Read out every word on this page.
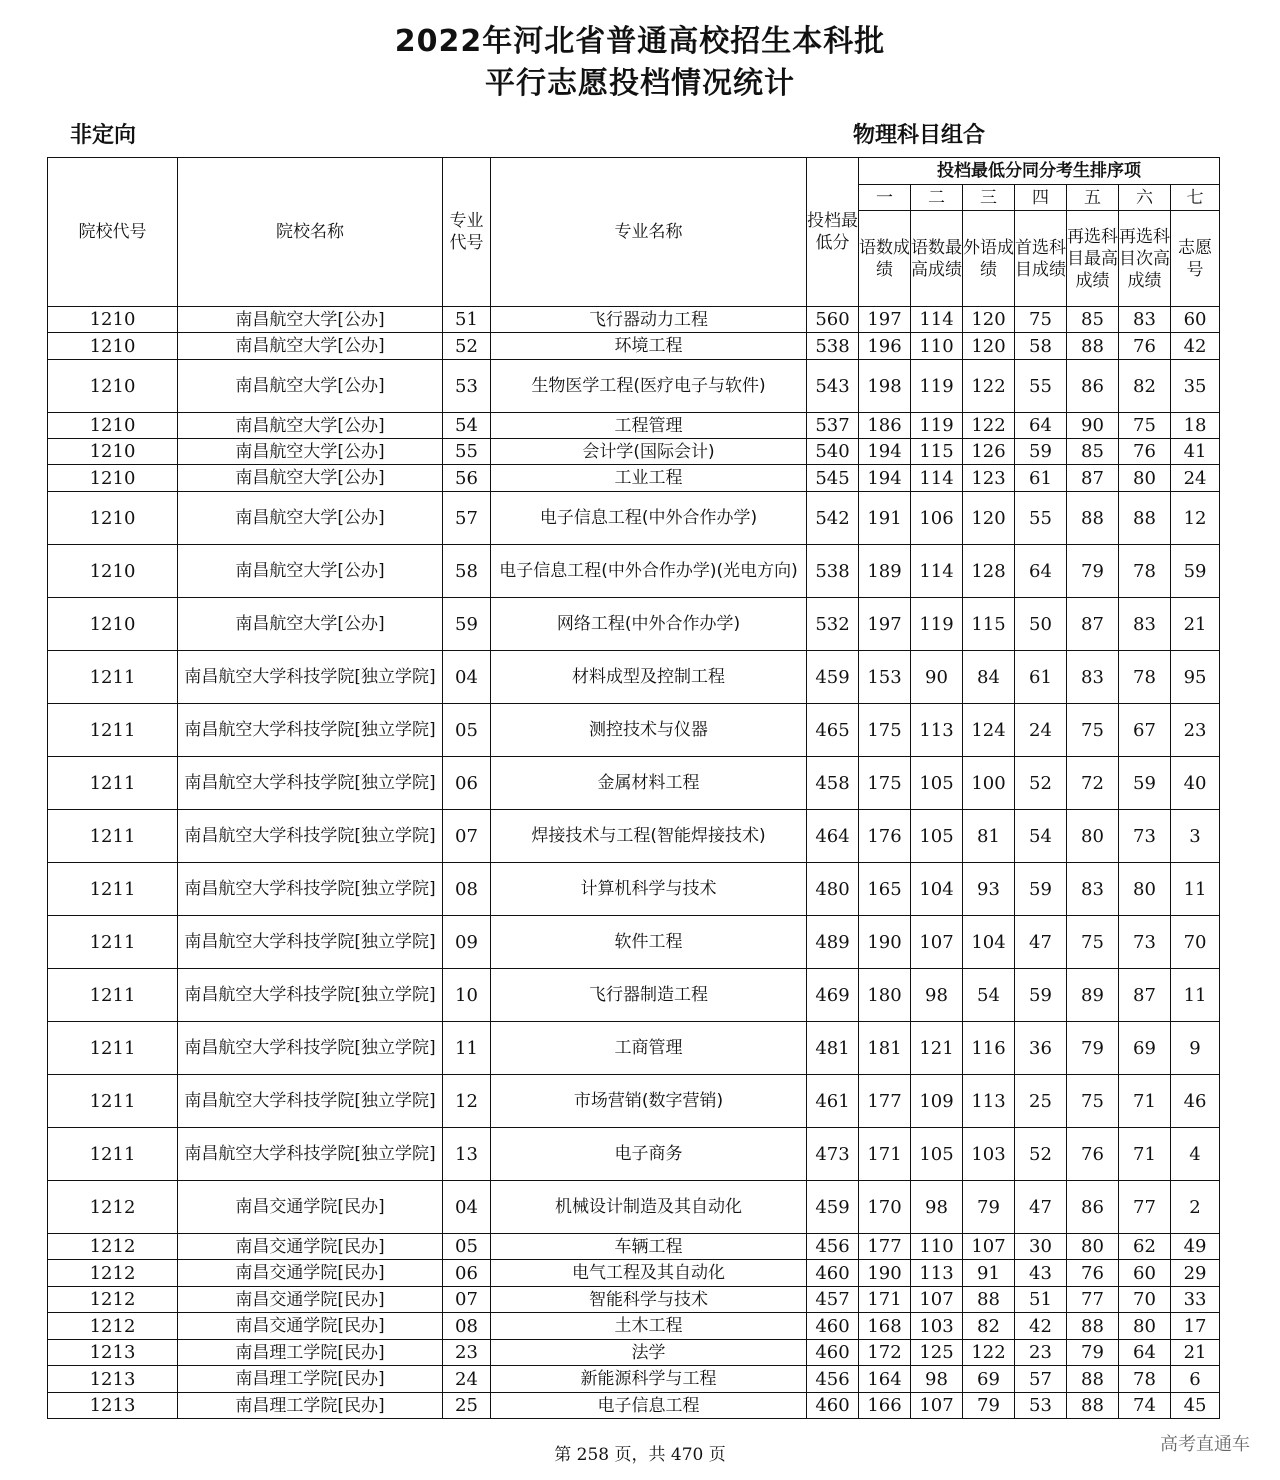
2022年河北省普通高校招生本科批
平行志愿投档情况统计
非定向	物理科目组合
院校代号	院校名称	专业代号	专业名称	投档最低分	投档最低分同分考生排序项						
					一	二	三	四	五	六	七
					语数成绩	语数最高成绩	外语成绩	首选科目成绩	再选科目最高成绩	再选科目次高成绩	志愿号
1210	南昌航空大学[公办]	51	飞行器动力工程	560	197	114	120	75	85	83	60
1210	南昌航空大学[公办]	52	环境工程	538	196	110	120	58	88	76	42
1210	南昌航空大学[公办]	53	生物医学工程(医疗电子与软件)	543	198	119	122	55	86	82	35
1210	南昌航空大学[公办]	54	工程管理	537	186	119	122	64	90	75	18
1210	南昌航空大学[公办]	55	会计学(国际会计)	540	194	115	126	59	85	76	41
1210	南昌航空大学[公办]	56	工业工程	545	194	114	123	61	87	80	24
1210	南昌航空大学[公办]	57	电子信息工程(中外合作办学)	542	191	106	120	55	88	88	12
1210	南昌航空大学[公办]	58	电子信息工程(中外合作办学)(光电方向)	538	189	114	128	64	79	78	59
1210	南昌航空大学[公办]	59	网络工程(中外合作办学)	532	197	119	115	50	87	83	21
1211	南昌航空大学科技学院[独立学院]	04	材料成型及控制工程	459	153	90	84	61	83	78	95
1211	南昌航空大学科技学院[独立学院]	05	测控技术与仪器	465	175	113	124	24	75	67	23
1211	南昌航空大学科技学院[独立学院]	06	金属材料工程	458	175	105	100	52	72	59	40
1211	南昌航空大学科技学院[独立学院]	07	焊接技术与工程(智能焊接技术)	464	176	105	81	54	80	73	3
1211	南昌航空大学科技学院[独立学院]	08	计算机科学与技术	480	165	104	93	59	83	80	11
1211	南昌航空大学科技学院[独立学院]	09	软件工程	489	190	107	104	47	75	73	70
1211	南昌航空大学科技学院[独立学院]	10	飞行器制造工程	469	180	98	54	59	89	87	11
1211	南昌航空大学科技学院[独立学院]	11	工商管理	481	181	121	116	36	79	69	9
1211	南昌航空大学科技学院[独立学院]	12	市场营销(数字营销)	461	177	109	113	25	75	71	46
1211	南昌航空大学科技学院[独立学院]	13	电子商务	473	171	105	103	52	76	71	4
1212	南昌交通学院[民办]	04	机械设计制造及其自动化	459	170	98	79	47	86	77	2
1212	南昌交通学院[民办]	05	车辆工程	456	177	110	107	30	80	62	49
1212	南昌交通学院[民办]	06	电气工程及其自动化	460	190	113	91	43	76	60	29
1212	南昌交通学院[民办]	07	智能科学与技术	457	171	107	88	51	77	70	33
1212	南昌交通学院[民办]	08	土木工程	460	168	103	82	42	88	80	17
1213	南昌理工学院[民办]	23	法学	460	172	125	122	23	79	64	21
1213	南昌理工学院[民办]	24	新能源科学与工程	456	164	98	69	57	88	78	6
1213	南昌理工学院[民办]	25	电子信息工程	460	166	107	79	53	88	74	45
第 258 页，共 470 页	高考直通车
